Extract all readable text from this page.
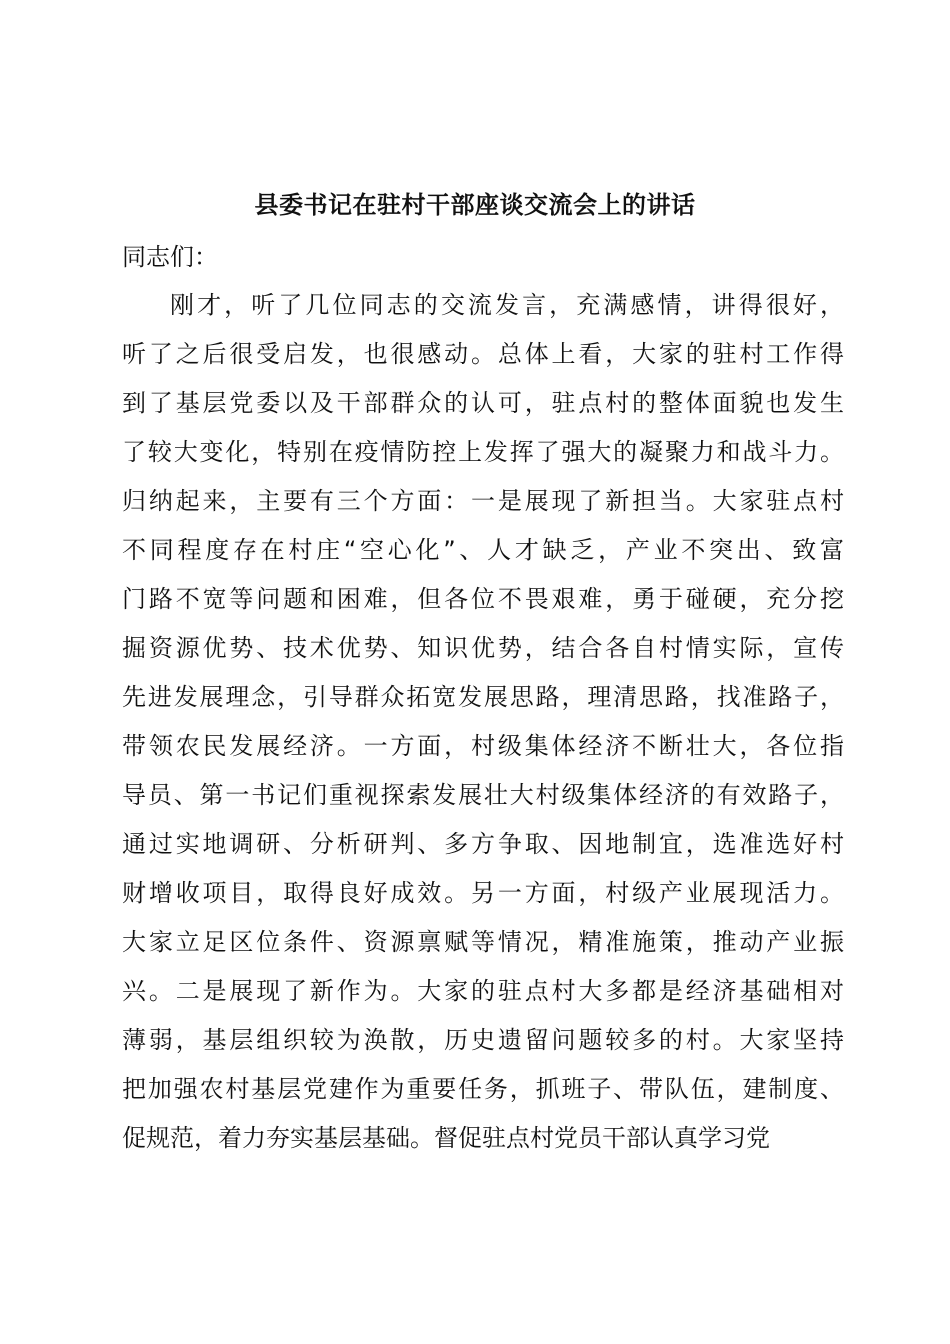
县委书记在驻村干部座谈交流会上的讲话
同志们：
刚才，听了几位同志的交流发言，充满感情，讲得很好，
听了之后很受启发，也很感动。总体上看，大家的驻村工作得
到了基层党委以及干部群众的认可，驻点村的整体面貌也发生
了较大变化，特别在疫情防控上发挥了强大的凝聚力和战斗力。
归纳起来，主要有三个方面：一是展现了新担当。大家驻点村
不同程度存在村庄“空心化”、人才缺乏，产业不突出、致富
门路不宽等问题和困难，但各位不畏艰难，勇于碰硬，充分挖
掘资源优势、技术优势、知识优势，结合各自村情实际，宣传
先进发展理念，引导群众拓宽发展思路，理清思路，找准路子，
带领农民发展经济。一方面，村级集体经济不断壮大，各位指
导员、第一书记们重视探索发展壮大村级集体经济的有效路子，
通过实地调研、分析研判、多方争取、因地制宜，选准选好村
财增收项目，取得良好成效。另一方面，村级产业展现活力。
大家立足区位条件、资源禀赋等情况，精准施策，推动产业振
兴。二是展现了新作为。大家的驻点村大多都是经济基础相对
薄弱，基层组织较为涣散，历史遗留问题较多的村。大家坚持
把加强农村基层党建作为重要任务，抓班子、带队伍，建制度、
促规范，着力夯实基层基础。督促驻点村党员干部认真学习党
